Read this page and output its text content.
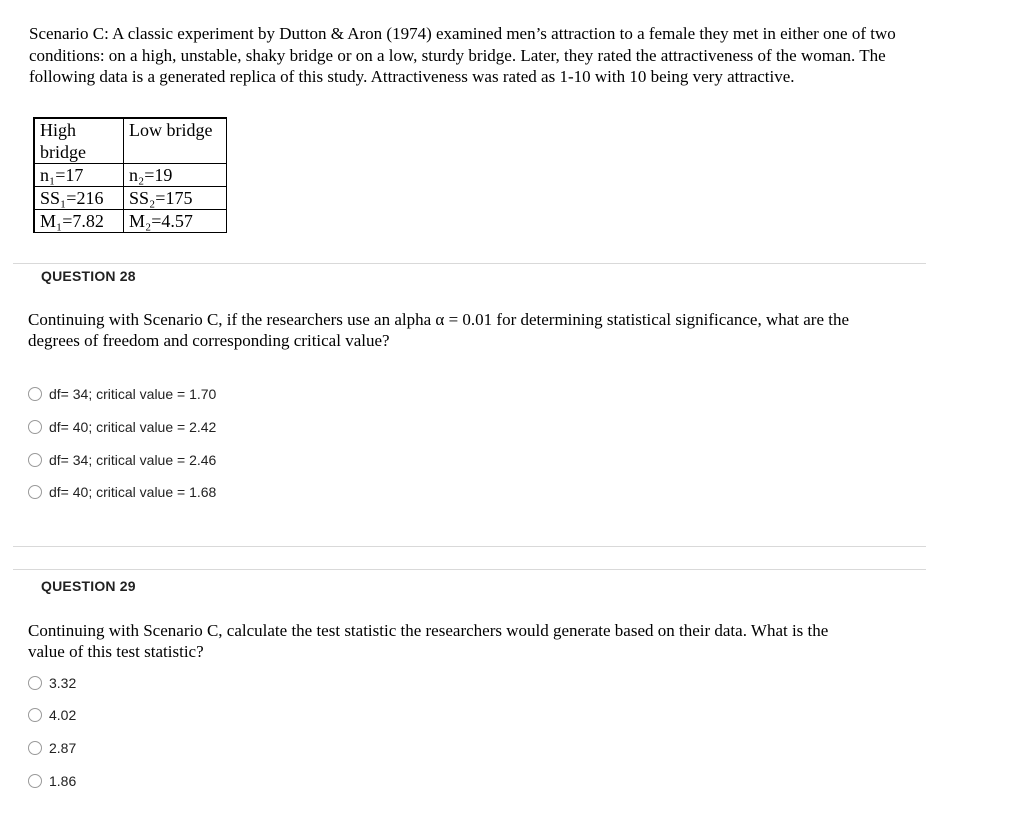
Scenario C: A classic experiment by Dutton & Aron (1974) examined men’s attraction to a female they met in either one of two conditions: on a high, unstable, shaky bridge or on a low, sturdy bridge. Later, they rated the attractiveness of the woman. The following data is a generated replica of this study. Attractiveness was rated as 1-10 with 10 being very attractive.
High bridge	Low bridge
n₁=17	n₂=19
SS₁=216	SS₂=175
M₁=7.82	M₂=4.57
QUESTION 28
Continuing with Scenario C, if the researchers use an alpha α = 0.01 for determining statistical significance, what are the degrees of freedom and corresponding critical value?
df= 34; critical value = 1.70
df= 40; critical value = 2.42
df= 34; critical value = 2.46
df= 40; critical value = 1.68
QUESTION 29
Continuing with Scenario C, calculate the test statistic the researchers would generate based on their data. What is the value of this test statistic?
3.32
4.02
2.87
1.86
